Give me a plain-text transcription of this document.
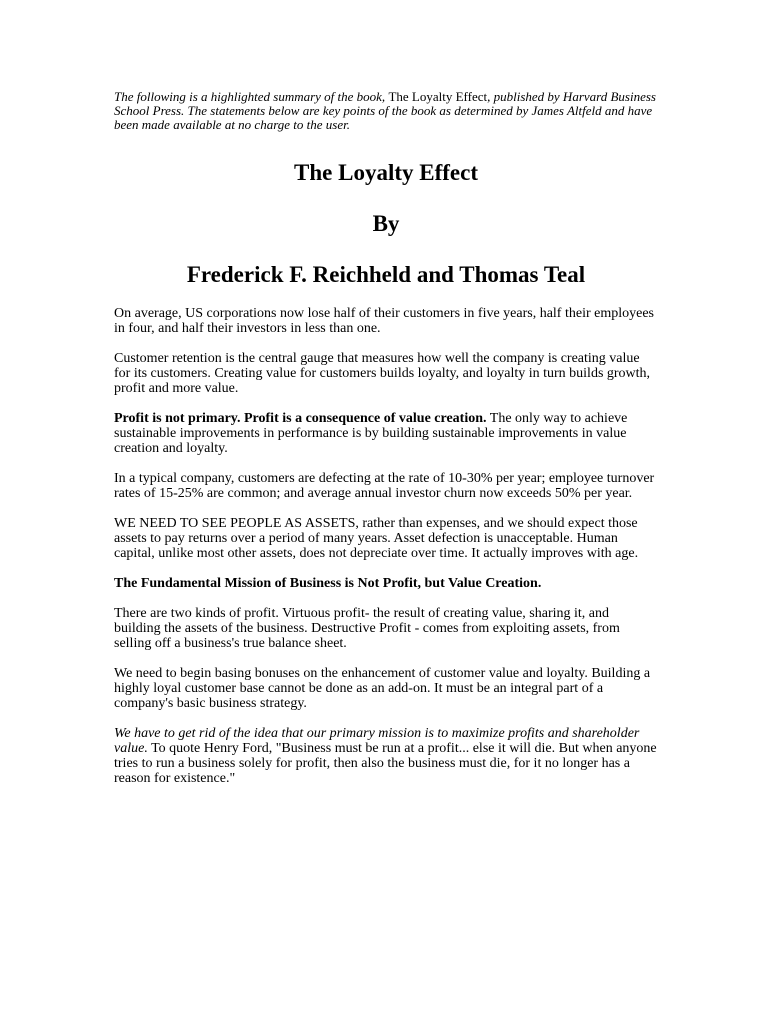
The following is a highlighted summary of the book, The Loyalty Effect, published by Harvard Business School Press. The statements below are key points of the book as determined by James Altfeld and have been made available at no charge to the user.

The Loyalty Effect
By
Frederick F. Reichheld and Thomas Teal

On average, US corporations now lose half of their customers in five years, half their employees in four, and half their investors in less than one.

Customer retention is the central gauge that measures how well the company is creating value for its customers. Creating value for customers builds loyalty, and loyalty in turn builds growth, profit and more value.

Profit is not primary. Profit is a consequence of value creation. The only way to achieve sustainable improvements in performance is by building sustainable improvements in value creation and loyalty.

In a typical company, customers are defecting at the rate of 10-30% per year; employee turnover rates of 15-25% are common; and average annual investor churn now exceeds 50% per year.

WE NEED TO SEE PEOPLE AS ASSETS, rather than expenses, and we should expect those assets to pay returns over a period of many years. Asset defection is unacceptable. Human capital, unlike most other assets, does not depreciate over time. It actually improves with age.

The Fundamental Mission of Business is Not Profit, but Value Creation.

There are two kinds of profit. Virtuous profit- the result of creating value, sharing it, and building the assets of the business. Destructive Profit - comes from exploiting assets, from selling off a business's true balance sheet.

We need to begin basing bonuses on the enhancement of customer value and loyalty. Building a highly loyal customer base cannot be done as an add-on. It must be an integral part of a company's basic business strategy.

We have to get rid of the idea that our primary mission is to maximize profits and shareholder value. To quote Henry Ford, "Business must be run at a profit... else it will die. But when anyone tries to run a business solely for profit, then also the business must die, for it no longer has a reason for existence."
